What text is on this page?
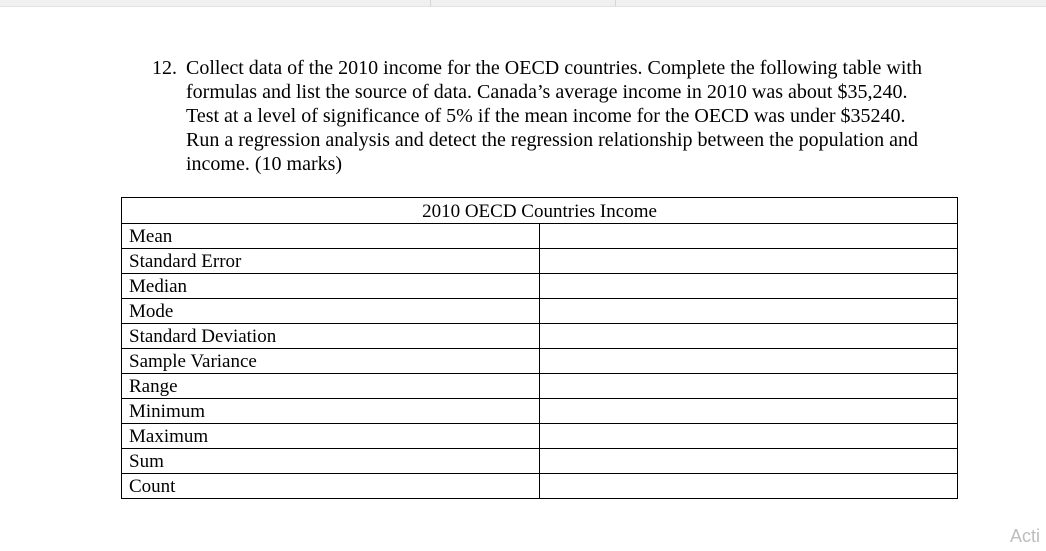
12. Collect data of the 2010 income for the OECD countries. Complete the following table with
formulas and list the source of data. Canada’s average income in 2010 was about $35,240.
Test at a level of significance of 5% if the mean income for the OECD was under $35240.
Run a regression analysis and detect the regression relationship between the population and
income. (10 marks)
2010 OECD Countries Income	
Mean	
Standard Error	
Median	
Mode	
Standard Deviation	
Sample Variance	
Range	
Minimum	
Maximum	
Sum	
Count	
Acti
